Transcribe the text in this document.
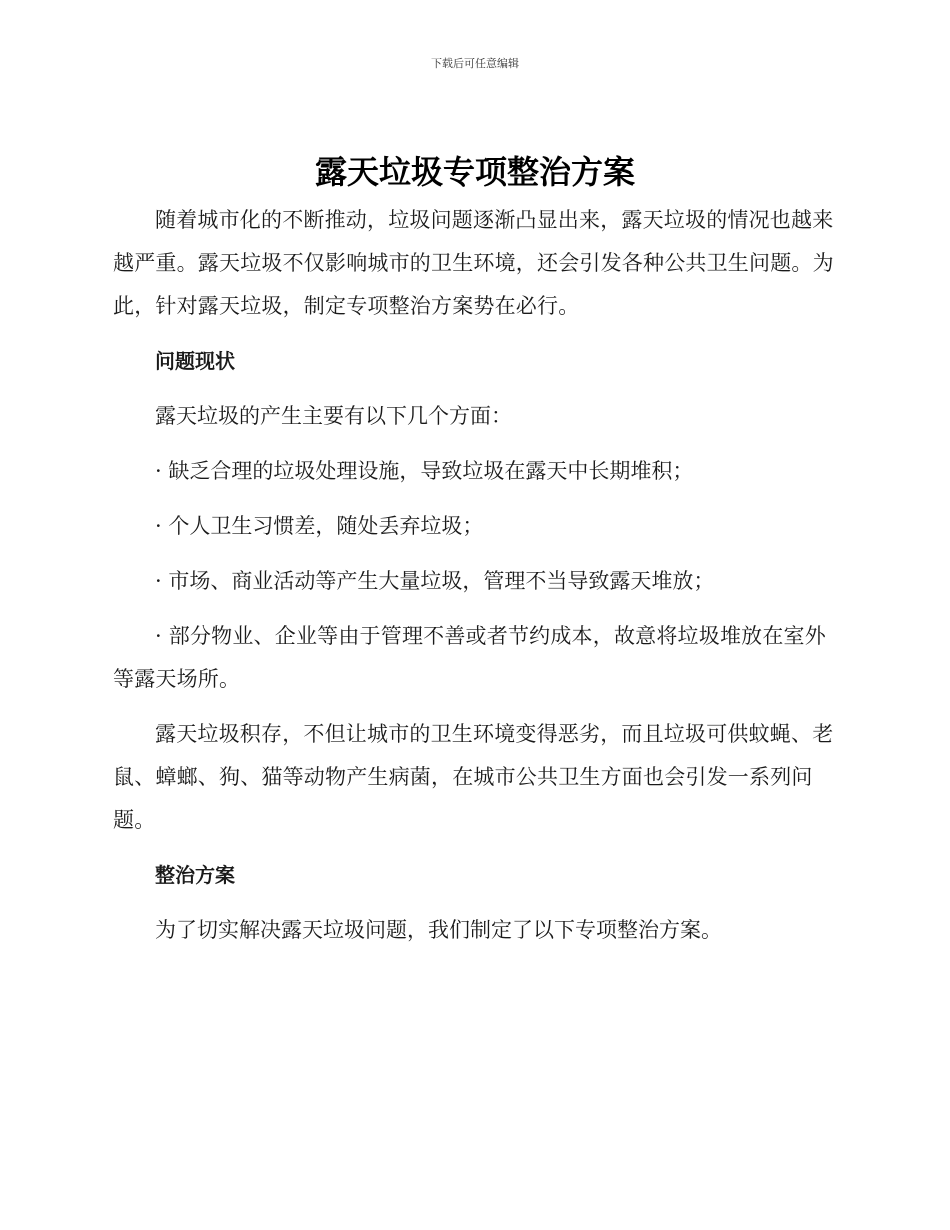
下载后可任意编辑
露天垃圾专项整治方案

随着城市化的不断推动，垃圾问题逐渐凸显出来，露天垃圾的情况也越来越严重。露天垃圾不仅影响城市的卫生环境，还会引发各种公共卫生问题。为此，针对露天垃圾，制定专项整治方案势在必行。

问题现状

露天垃圾的产生主要有以下几个方面：

· 缺乏合理的垃圾处理设施，导致垃圾在露天中长期堆积；

· 个人卫生习惯差，随处丢弃垃圾；

· 市场、商业活动等产生大量垃圾，管理不当导致露天堆放；

· 部分物业、企业等由于管理不善或者节约成本，故意将垃圾堆放在室外等露天场所。

露天垃圾积存，不但让城市的卫生环境变得恶劣，而且垃圾可供蚊蝇、老鼠、蟑螂、狗、猫等动物产生病菌，在城市公共卫生方面也会引发一系列问题。

整治方案

为了切实解决露天垃圾问题，我们制定了以下专项整治方案。
